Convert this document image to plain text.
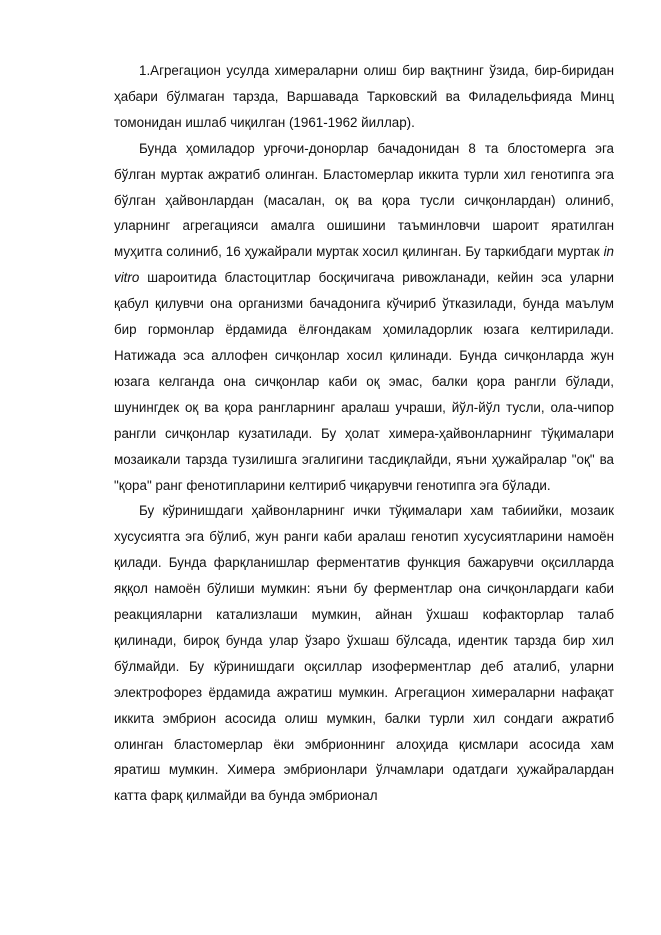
1.Агрегацион усулда химераларни олиш бир вақтнинг ўзида, бир-биридан ҳабари бўлмаган тарзда, Варшавада Тарковский ва Филадельфияда Минц томонидан ишлаб чиқилган (1961-1962 йиллар).

Бунда ҳомиладор урғочи-донорлар бачадонидан 8 та блостомерга эга бўлган муртак ажратиб олинган. Бластомерлар иккита турли хил генотипга эга бўлган ҳайвонлардан (масалан, оқ ва қора тусли сичқонлардан) олиниб, уларнинг агрегацияси амалга ошишини таъминловчи шароит яратилган муҳитга солиниб, 16 ҳужайрали муртак хосил қилинган. Бу таркибдаги муртак in vitro шароитида бластоцитлар босқичигача ривожланади, кейин эса уларни қабул қилувчи она организми бачадонига кўчириб ўтказилади, бунда маълум бир гормонлар ёрдамида ёлғондакам ҳомиладорлик юзага келтирилади. Натижада эса аллофен сичқонлар хосил қилинади. Бунда сичқонларда жун юзага келганда она сичқонлар каби оқ эмас, балки қора рангли бўлади, шунингдек оқ ва қора рангларнинг аралаш учраши, йўл-йўл тусли, ола-чипор рангли сичқонлар кузатилади. Бу ҳолат химера-ҳайвонларнинг тўқималари мозаикали тарзда тузилишга эгалигини тасдиқлайди, яъни ҳужайралар "оқ" ва "қора" ранг фенотипларини келтириб чиқарувчи генотипга эга бўлади.

Бу кўринишдаги ҳайвонларнинг ички тўқималари хам табиийки, мозаик хусусиятга эга бўлиб, жун ранги каби аралаш генотип хусусиятларини намоён қилади. Бунда фарқланишлар ферментатив функция бажарувчи оқсилларда яққол намоён бўлиши мумкин: яъни бу ферментлар она сичқонлардаги каби реакцияларни катализлаши мумкин, айнан ўхшаш кофакторлар талаб қилинади, бироқ бунда улар ўзаро ўхшаш бўлсада, идентик тарзда бир хил бўлмайди. Бу кўринишдаги оқсиллар изоферментлар деб аталиб, уларни электрофорез ёрдамида ажратиш мумкин. Агрегацион химераларни нафақат иккита эмбрион асосида олиш мумкин, балки турли хил сондаги ажратиб олинган бластомерлар ёки эмбрионнинг алоҳида қисмлари асосида хам яратиш мумкин. Химера эмбрионлари ўлчамлари одатдаги ҳужайралардан катта фарқ қилмайди ва бунда эмбрионал
